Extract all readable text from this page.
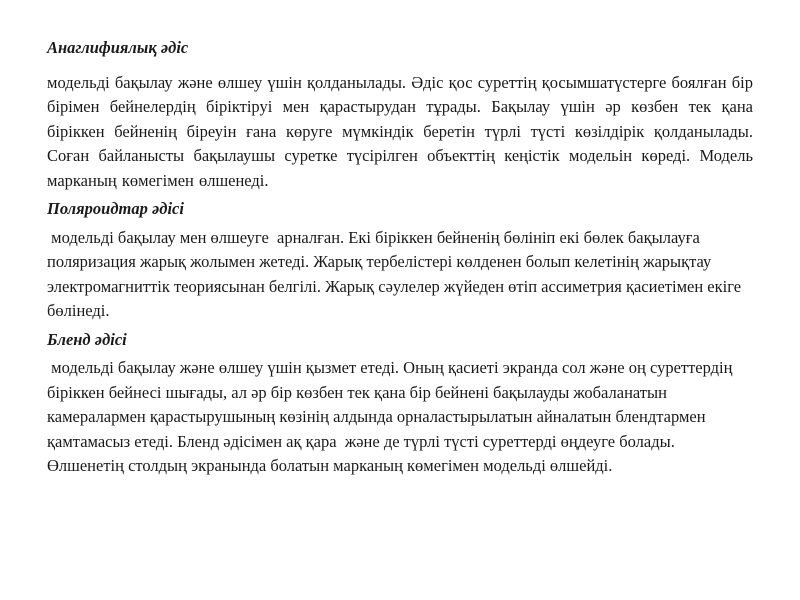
Анаглифиялық әдіс

модельді бақылау және өлшеу үшін қолданылады. Әдіс қос суреттің қосымшатүстерге боялған бір бірімен бейнелердің біріктіруі мен қарастырудан тұрады. Бақылау үшін әр көзбен тек қана біріккен бейненің біреуін ғана көруге мүмкіндік беретін түрлі түсті көзілдірік қолданылады. Соған байланысты бақылаушы суретке түсірілген объекттің кеңістік модельін көреді. Модель марканың көмегімен өлшенеді.

Поляроидтар әдісі

модельді бақылау мен өлшеуге  арналған. Екі біріккен бейненің бөлініп екі бөлек бақылауға поляризация жарық жолымен жетеді. Жарық тербелістері көлденен болып келетінің жарықтау электромагниттік теориясынан белгілі. Жарық сәулелер жүйеден өтіп ассиметрия қасиетімен екіге бөлінеді.

Бленд әдісі

модельді бақылау және өлшеу үшін қызмет етеді. Оның қасиеті экранда сол және оң суреттердің біріккен бейнесі шығады, ал әр бір көзбен тек қана бір бейнені бақылауды жобаланатын камералармен қарастырушының көзінің алдында орналастырылатын айналатын блендтармен қамтамасыз етеді. Бленд әдісімен ақ қара  және де түрлі түсті суреттерді өңдеуге болады. Өлшенетің столдың экранында болатын марканың көмегімен модельді өлшейді.
